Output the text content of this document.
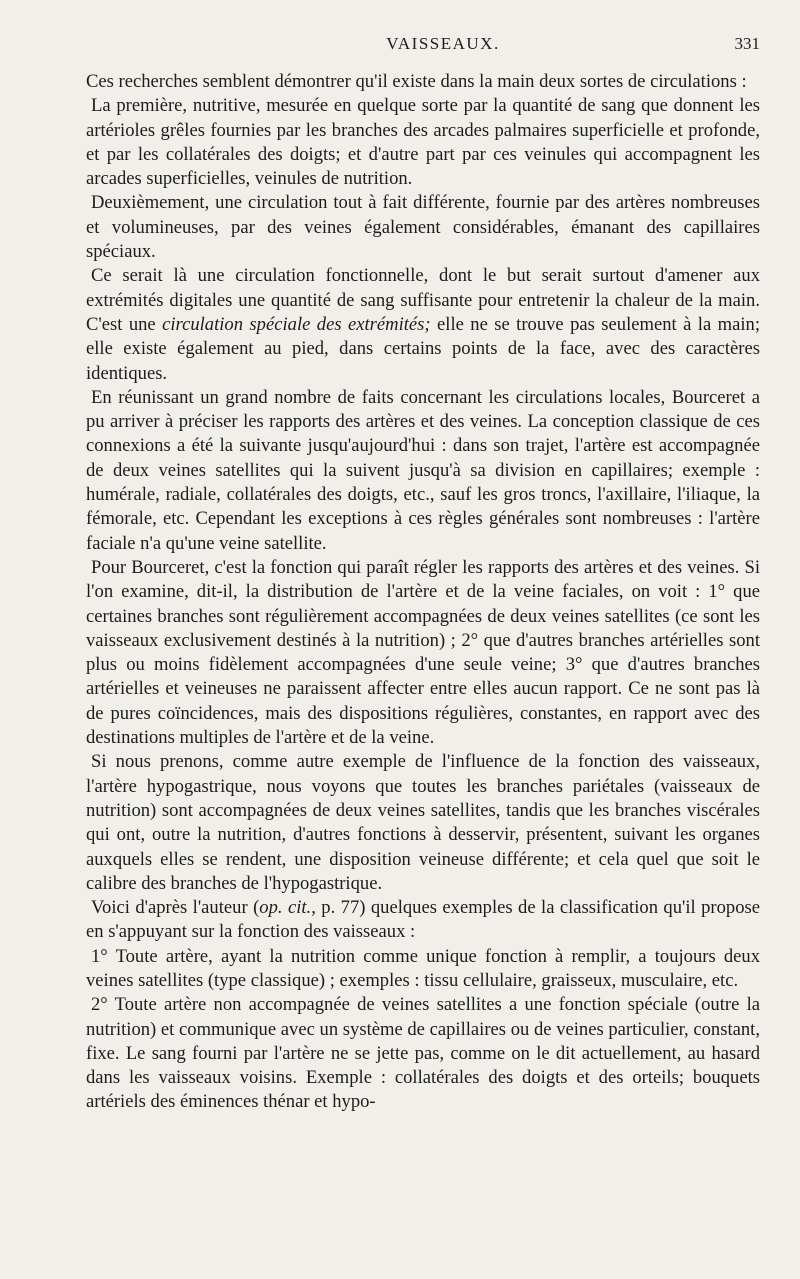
VAISSEAUX.	331

Ces recherches semblent démontrer qu'il existe dans la main deux sortes de circulations :

La première, nutritive, mesurée en quelque sorte par la quantité de sang que donnent les artérioles grêles fournies par les branches des arcades palmaires superficielle et profonde, et par les collatérales des doigts; et d'autre part par ces veinules qui accompagnent les arcades superficielles, veinules de nutrition.

Deuxièmement, une circulation tout à fait différente, fournie par des artères nombreuses et volumineuses, par des veines également considérables, émanant des capillaires spéciaux.

Ce serait là une circulation fonctionnelle, dont le but serait surtout d'amener aux extrémités digitales une quantité de sang suffisante pour entretenir la chaleur de la main. C'est une circulation spéciale des extrémités; elle ne se trouve pas seulement à la main; elle existe également au pied, dans certains points de la face, avec des caractères identiques.

En réunissant un grand nombre de faits concernant les circulations locales, Bourceret a pu arriver à préciser les rapports des artères et des veines. La conception classique de ces connexions a été la suivante jusqu'aujourd'hui : dans son trajet, l'artère est accompagnée de deux veines satellites qui la suivent jusqu'à sa division en capillaires; exemple : humérale, radiale, collatérales des doigts, etc., sauf les gros troncs, l'axillaire, l'iliaque, la fémorale, etc. Cependant les exceptions à ces règles générales sont nombreuses : l'artère faciale n'a qu'une veine satellite.

Pour Bourceret, c'est la fonction qui paraît régler les rapports des artères et des veines. Si l'on examine, dit-il, la distribution de l'artère et de la veine faciales, on voit : 1° que certaines branches sont régulièrement accompagnées de deux veines satellites (ce sont les vaisseaux exclusivement destinés à la nutrition) ; 2° que d'autres branches artérielles sont plus ou moins fidèlement accompagnées d'une seule veine; 3° que d'autres branches artérielles et veineuses ne paraissent affecter entre elles aucun rapport. Ce ne sont pas là de pures coïncidences, mais des dispositions régulières, constantes, en rapport avec des destinations multiples de l'artère et de la veine.

Si nous prenons, comme autre exemple de l'influence de la fonction des vaisseaux, l'artère hypogastrique, nous voyons que toutes les branches pariétales (vaisseaux de nutrition) sont accompagnées de deux veines satellites, tandis que les branches viscérales qui ont, outre la nutrition, d'autres fonctions à desservir, présentent, suivant les organes auxquels elles se rendent, une disposition veineuse différente; et cela quel que soit le calibre des branches de l'hypogastrique.

Voici d'après l'auteur (op. cit., p. 77) quelques exemples de la classification qu'il propose en s'appuyant sur la fonction des vaisseaux :

1° Toute artère, ayant la nutrition comme unique fonction à remplir, a toujours deux veines satellites (type classique) ; exemples : tissu cellulaire, graisseux, musculaire, etc.

2° Toute artère non accompagnée de veines satellites a une fonction spéciale (outre la nutrition) et communique avec un système de capillaires ou de veines particulier, constant, fixe. Le sang fourni par l'artère ne se jette pas, comme on le dit actuellement, au hasard dans les vaisseaux voisins. Exemple : collatérales des doigts et des orteils; bouquets artériels des éminences thénar et hypo-
